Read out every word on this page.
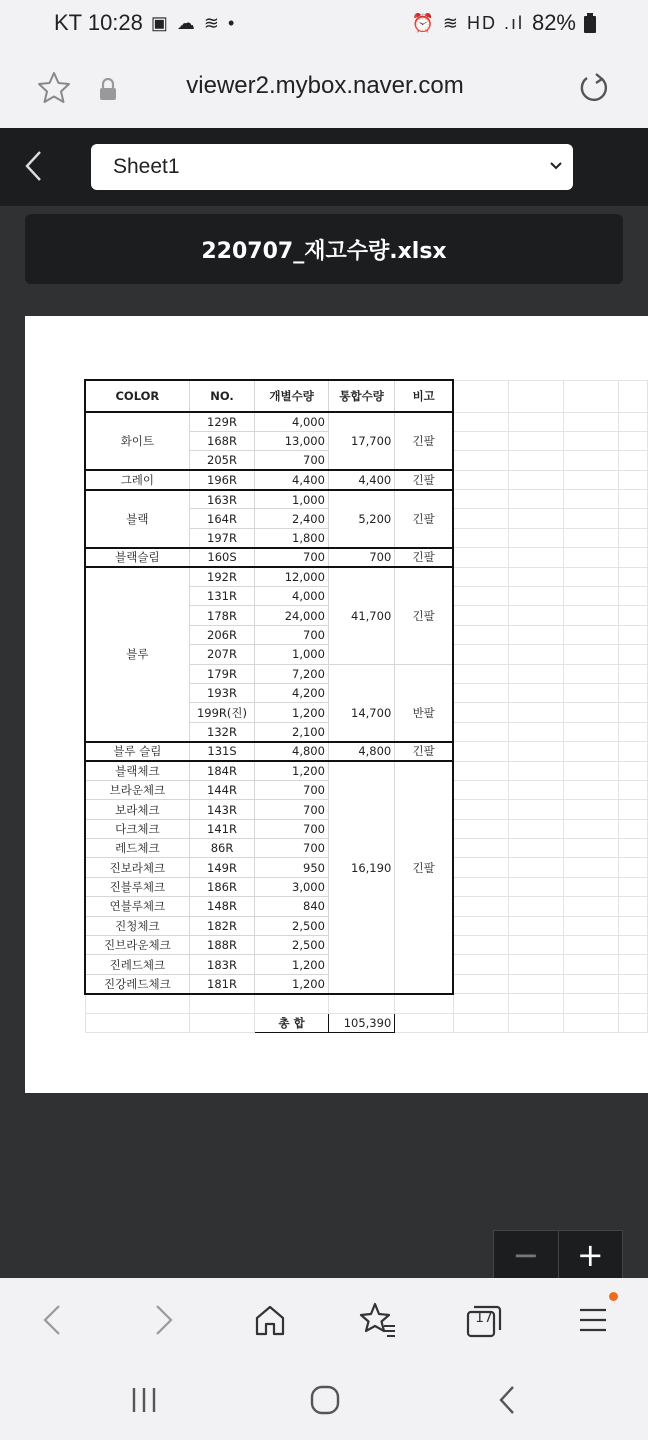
KT 10:28 ▣ ☁ ≋ •	⏰ ≋ HD .ıl 82%
viewer2.mybox.naver.com
Sheet1
220707_재고수량.xlsx
COLOR	NO.	개별수량	통합수량	비고				
	129R	4,000						
화이트	168R	13,000	17,700	긴팔				
	205R	700						
그레이	196R	4,400	4,400	긴팔				
	163R	1,000						
블랙	164R	2,400	5,200	긴팔				
	197R	1,800						
블랙슬림	160S	700	700	긴팔				
	192R	12,000						
	131R	4,000						
	178R	24,000	41,700	긴팔				
	206R	700						
블루	207R	1,000						
	179R	7,200						
	193R	4,200						
	199R(진)	1,200	14,700	반팔				
	132R	2,100						
블루 슬림	131S	4,800	4,800	긴팔				
블랙체크	184R	1,200						
브라운체크	144R	700						
보라체크	143R	700						
다크체크	141R	700						
레드체크	86R	700						
진보라체크	149R	950	16,190	긴팔				
진블루체크	186R	3,000						
연블루체크	148R	840						
진청체크	182R	2,500						
진브라운체크	188R	2,500						
진레드체크	183R	1,200						
진강레드체크	181R	1,200						

		총 합	105,390					
−	+
17
